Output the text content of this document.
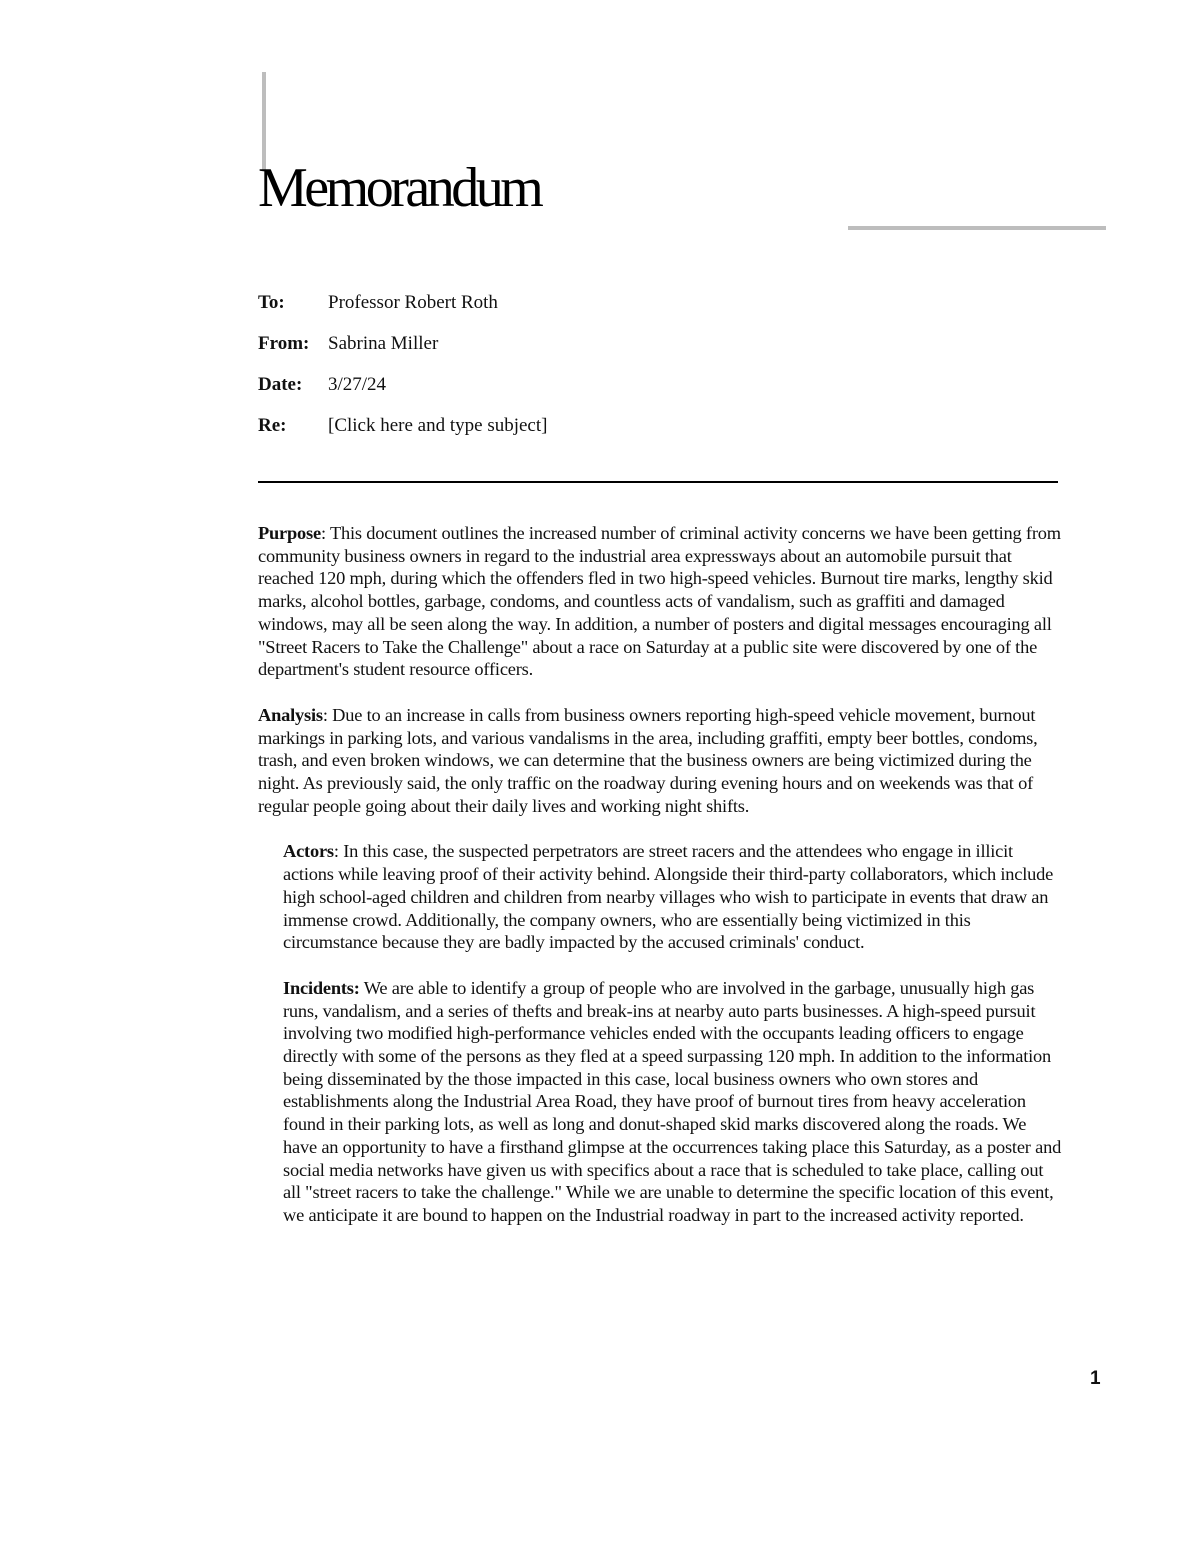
Memorandum
To:	Professor Robert Roth
From: Sabrina Miller
Date:	3/27/24
Re:	[Click here and type subject]

Purpose: This document outlines the increased number of criminal activity concerns we have been getting from community business owners in regard to the industrial area expressways about an automobile pursuit that reached 120 mph, during which the offenders fled in two high-speed vehicles. Burnout tire marks, lengthy skid marks, alcohol bottles, garbage, condoms, and countless acts of vandalism, such as graffiti and damaged windows, may all be seen along the way. In addition, a number of posters and digital messages encouraging all "Street Racers to Take the Challenge" about a race on Saturday at a public site were discovered by one of the department's student resource officers.

Analysis: Due to an increase in calls from business owners reporting high-speed vehicle movement, burnout markings in parking lots, and various vandalisms in the area, including graffiti, empty beer bottles, condoms, trash, and even broken windows, we can determine that the business owners are being victimized during the night. As previously said, the only traffic on the roadway during evening hours and on weekends was that of regular people going about their daily lives and working night shifts.

Actors: In this case, the suspected perpetrators are street racers and the attendees who engage in illicit actions while leaving proof of their activity behind. Alongside their third-party collaborators, which include high school-aged children and children from nearby villages who wish to participate in events that draw an immense crowd. Additionally, the company owners, who are essentially being victimized in this circumstance because they are badly impacted by the accused criminals' conduct.

Incidents: We are able to identify a group of people who are involved in the garbage, unusually high gas runs, vandalism, and a series of thefts and break-ins at nearby auto parts businesses. A high-speed pursuit involving two modified high-performance vehicles ended with the occupants leading officers to engage directly with some of the persons as they fled at a speed surpassing 120 mph. In addition to the information being disseminated by the those impacted in this case, local business owners who own stores and establishments along the Industrial Area Road, they have proof of burnout tires from heavy acceleration found in their parking lots, as well as long and donut-shaped skid marks discovered along the roads. We have an opportunity to have a firsthand glimpse at the occurrences taking place this Saturday, as a poster and social media networks have given us with specifics about a race that is scheduled to take place, calling out all "street racers to take the challenge." While we are unable to determine the specific location of this event, we anticipate it are bound to happen on the Industrial roadway in part to the increased activity reported.

1
